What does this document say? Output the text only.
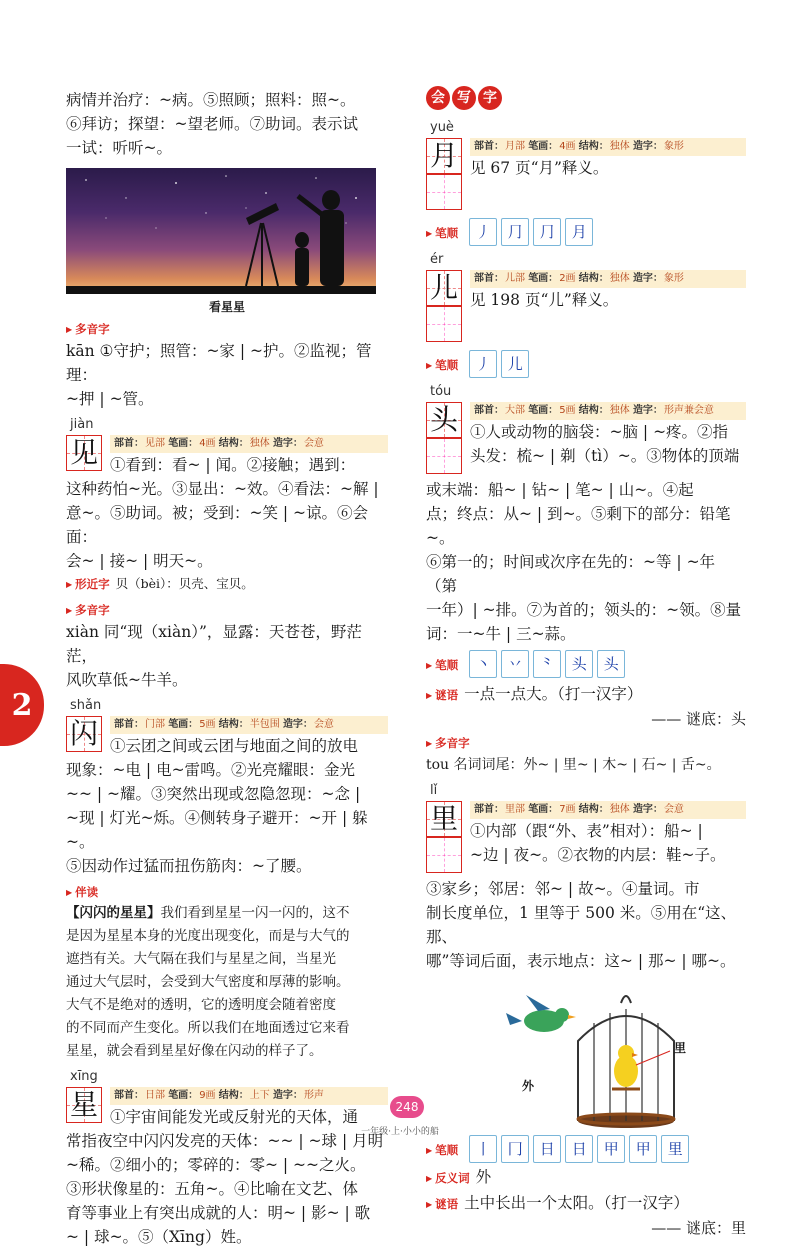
2

病情并治疗：~病。⑤照顾；照料：照~。

⑥拜访；探望：~望老师。⑦助词。表示试

一试：听听~。

看星星

▶ 多音字

kān ①守护；照管：~家 | ~护。②监视；管理：

~押 | ~管。

jiàn
见	部首：见部 笔画：4画 结构：独体 造字：会意

①看到：看~ | 闻。②接触；遇到：

这种药怕~光。③显出：~效。④看法：~解 |

意~。⑤助词。被；受到：~笑 | ~谅。⑥会面：

会~ | 接~ | 明天~。

▶ 形近字 贝（bèi）：贝壳、宝贝。

▶ 多音字

xiàn 同“现（xiàn）”，显露：天苍苍，野茫茫，

风吹草低~牛羊。

shǎn
闪	部首：门部 笔画：5画 结构：半包围 造字：会意

①云团之间或云团与地面之间的放电

现象：~电 | 电~雷鸣。②光亮耀眼：金光

~~ | ~耀。③突然出现或忽隐忽现：~念 |

~现 | 灯光~烁。④侧转身子避开：~开 | 躲~。

⑤因动作过猛而扭伤筋肉：~了腰。

▶ 伴读
【闪闪的星星】我们看到星星一闪一闪的，这不
是因为星星本身的光度出现变化，而是与大气的
遮挡有关。大气隔在我们与星星之间，当星光
通过大气层时，会受到大气密度和厚薄的影响。
大气不是绝对的透明，它的透明度会随着密度
的不同而产生变化。所以我们在地面透过它来看
星星，就会看到星星好像在闪动的样子了。
xīng
星	部首：日部 笔画：9画 结构：上下 造字：形声

①宇宙间能发光或反射光的天体，通

常指夜空中闪闪发亮的天体：~~ | ~球 | 月明

~稀。②细小的；零碎的：零~ | ~~之火。

③形状像星的：五角~。④比喻在文艺、体

育等事业上有突出成就的人：明~ | 影~ | 歌

~ | 球~。⑤（Xīng）姓。

会 写 字
yuè
月	部首：月部 笔画：4画 结构：独体 造字：象形

见 67 页“月”释义。

▶ 笔顺	丿	⺆	⺆	月
ér
儿	部首：儿部 笔画：2画 结构：独体 造字：象形

见 198 页“儿”释义。

▶ 笔顺	丿	儿
tóu
头	部首：大部 笔画：5画 结构：独体 造字：形声兼会意

①人或动物的脑袋：~脑 | ~疼。②指

头发：梳~ | 剃（tì）~。③物体的顶端

或末端：船~ | 钻~ | 笔~ | 山~。④起

点；终点：从~ | 到~。⑤剩下的部分：铅笔~。

⑥第一的；时间或次序在先的：~等 | ~年（第

一年）| ~排。⑦为首的；领头的：~领。⑧量

词：一~牛 | 三~蒜。

▶ 笔顺	丶	丷	⺀	头	头

▶ 谜语 一点一点大。（打一汉字）

—— 谜底：头

▶ 多音字

tou 名词词尾：外~ | 里~ | 木~ | 石~ | 舌~。

lǐ
里	部首：里部 笔画：7画 结构：独体 造字：会意

①内部（跟“外、表”相对）：船~ |

~边 | 夜~。②衣物的内层：鞋~子。

③家乡；邻居：邻~ | 故~。④量词。市

制长度单位，1 里等于 500 米。⑤用在“这、那、

哪”等词后面，表示地点：这~ | 那~ | 哪~。

里
外
▶ 笔顺	丨	冂	日	日	甲	甲	里

▶ 反义词 外

▶ 谜语 土中长出一个太阳。（打一汉字）

—— 谜底：里

248
一年级·上·小小的船
